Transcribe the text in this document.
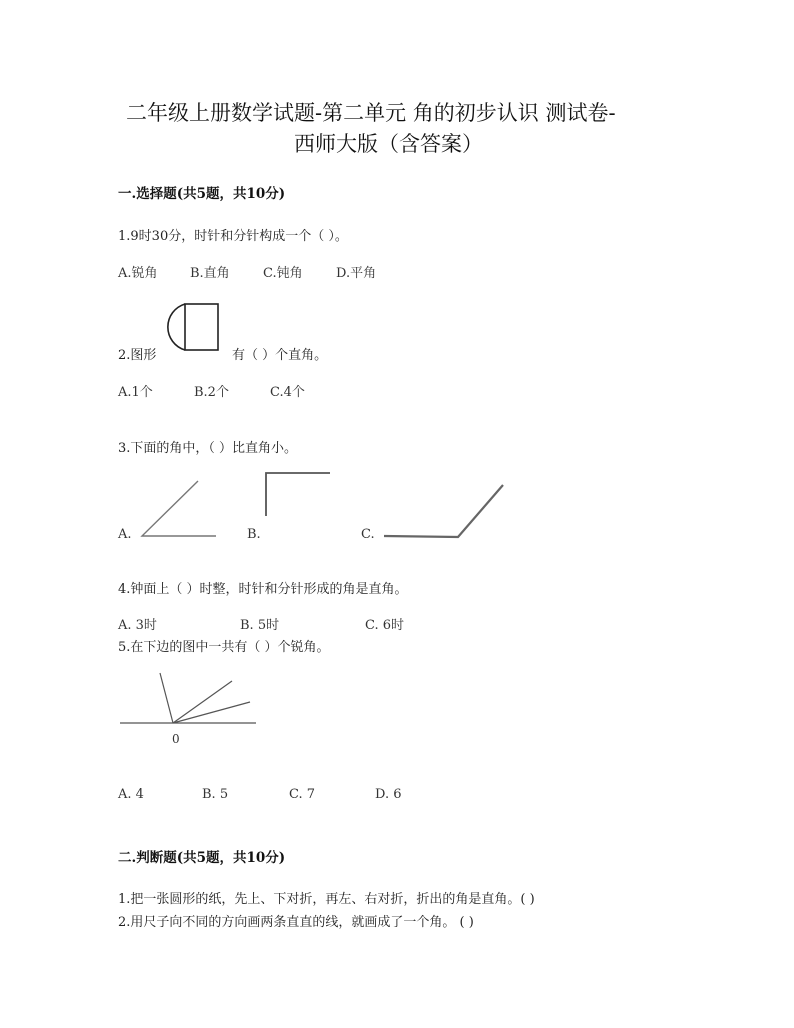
二年级上册数学试题-第二单元 角的初步认识 测试卷-
西师大版（含答案）
一.选择题(共5题，共10分)
1.9时30分，时针和分针构成一个（ ）。
A.锐角 B.直角	C.钝角	D.平角
2.图形	有（ ）个直角。
A.1个	B.2个	C.4个
3.下面的角中，（ ）比直角小。
A.	B.	C.
4.钟面上（ ）时整，时针和分针形成的角是直角。
A. 3时	B. 5时	C. 6时
5.在下边的图中一共有（ ）个锐角。
0
A. 4	B. 5	C. 7	D. 6
二.判断题(共5题，共10分)
1.把一张圆形的纸，先上、下对折，再左、右对折，折出的角是直角。( )
2.用尺子向不同的方向画两条直直的线，就画成了一个角。 ( )
